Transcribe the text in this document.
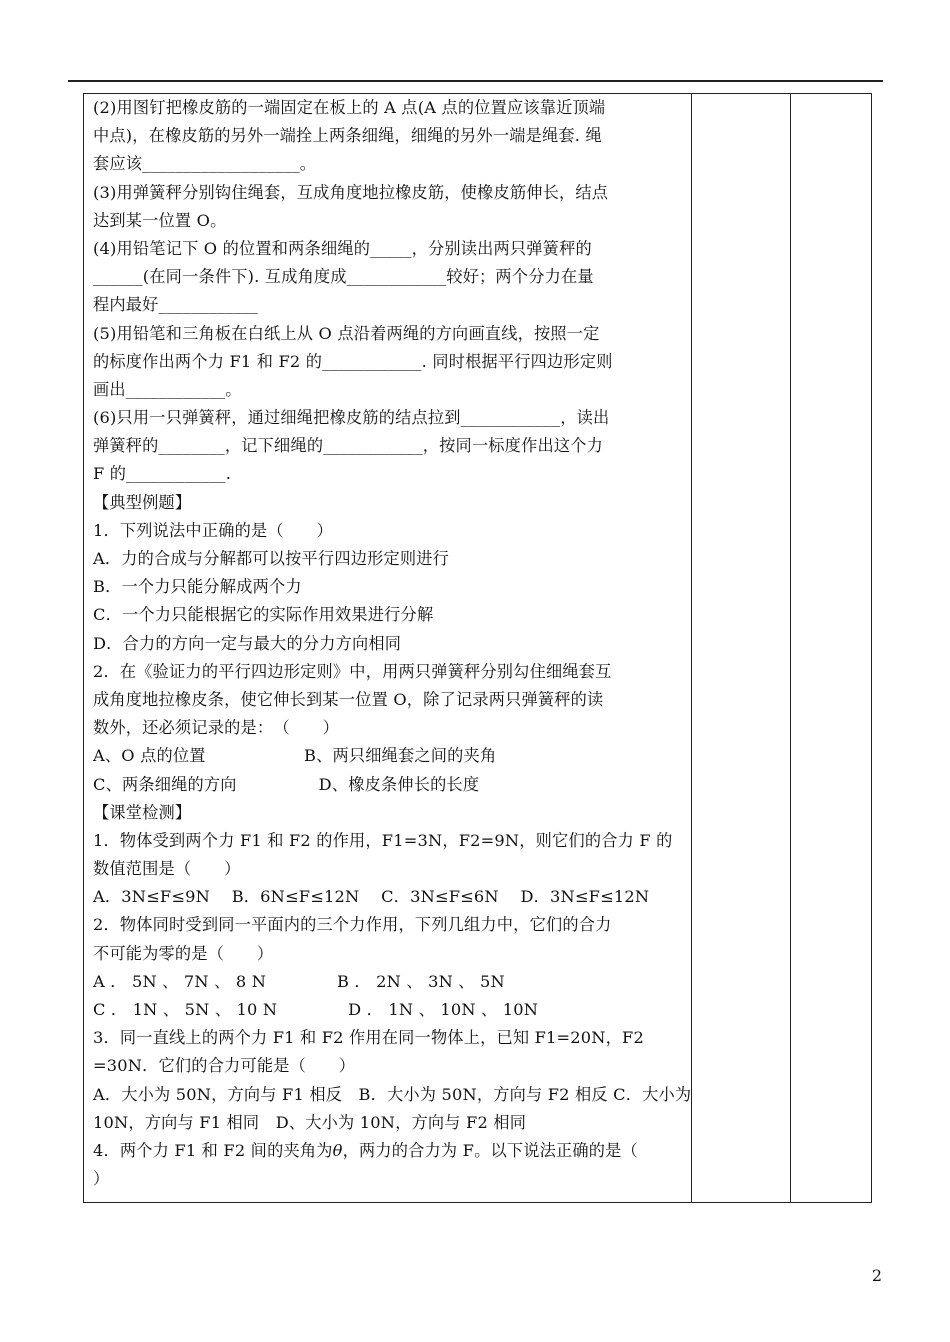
(2)用图钉把橡皮筋的一端固定在板上的 A 点(A 点的位置应该靠近顶端
中点)，在橡皮筋的另外一端拴上两条细绳，细绳的另外一端是绳套. 绳
套应该___________________。
(3)用弹簧秤分别钩住绳套，互成角度地拉橡皮筋，使橡皮筋伸长，结点
达到某一位置 O。
(4)用铅笔记下 O 的位置和两条细绳的_____，分别读出两只弹簧秤的
______(在同一条件下). 互成角度成____________较好；两个分力在量
程内最好____________
(5)用铅笔和三角板在白纸上从 O 点沿着两绳的方向画直线，按照一定
的标度作出两个力 F1 和 F2 的____________. 同时根据平行四边形定则
画出____________。
(6)只用一只弹簧秤，通过细绳把橡皮筋的结点拉到____________，读出
弹簧秤的________，记下细绳的____________，按同一标度作出这个力
F 的____________.
【典型例题】
1．下列说法中正确的是（　　）
A．力的合成与分解都可以按平行四边形定则进行
B．一个力只能分解成两个力
C．一个力只能根据它的实际作用效果进行分解
D．合力的方向一定与最大的分力方向相同
2．在《验证力的平行四边形定则》中，用两只弹簧秤分别勾住细绳套互
成角度地拉橡皮条，使它伸长到某一位置 O，除了记录两只弹簧秤的读
数外，还必须记录的是：　（　　）
A、O 点的位置　　　　　　B、两只细绳套之间的夹角
C、两条细绳的方向　　　　　D、橡皮条伸长的长度
【课堂检测】
1．物体受到两个力 F1 和 F2 的作用，F1=3N，F2=9N，则它们的合力 F 的
数值范围是（　　）
A．3N≤F≤9N　 B．6N≤F≤12N　 C．3N≤F≤6N　 D．3N≤F≤12N
2．物体同时受到同一平面内的三个力作用，下列几组力中，它们的合力
不可能为零的是（　　）
A ． 5N 、 7N 、 8 N　　　　 B ． 2N 、 3N 、 5N
C ． 1N 、 5N 、 10 N　　　　 D ． 1N 、 10N 、 10N
3．同一直线上的两个力 F1 和 F2 作用在同一物体上，已知 F1=20N，F2
=30N．它们的合力可能是（　　）
A．大小为 50N，方向与 F1 相反　B．大小为 50N，方向与 F2 相反 C．大小为
10N，方向与 F1 相同　D、大小为 10N，方向与 F2 相同
4．两个力 F1 和 F2 间的夹角为θ，两力的合力为 F。以下说法正确的是（
）
2
